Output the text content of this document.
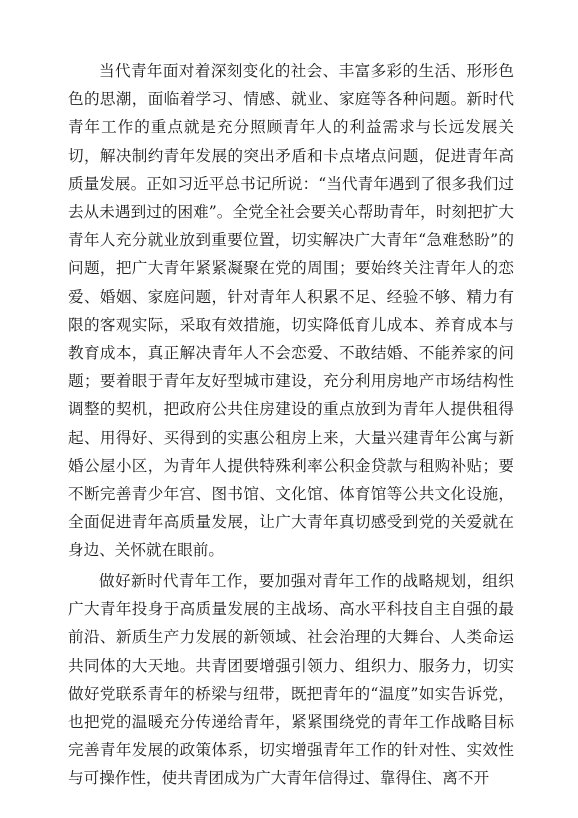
当代青年面对着深刻变化的社会、丰富多彩的生活、形形色色的思潮，面临着学习、情感、就业、家庭等各种问题。新时代青年工作的重点就是充分照顾青年人的利益需求与长远发展关切，解决制约青年发展的突出矛盾和卡点堵点问题，促进青年高质量发展。正如习近平总书记所说：“当代青年遇到了很多我们过去从未遇到过的困难”。全党全社会要关心帮助青年，时刻把扩大青年人充分就业放到重要位置，切实解决广大青年“急难愁盼”的问题，把广大青年紧紧凝聚在党的周围；要始终关注青年人的恋爱、婚姻、家庭问题，针对青年人积累不足、经验不够、精力有限的客观实际，采取有效措施，切实降低育儿成本、养育成本与教育成本，真正解决青年人不会恋爱、不敢结婚、不能养家的问题；要着眼于青年友好型城市建设，充分利用房地产市场结构性调整的契机，把政府公共住房建设的重点放到为青年人提供租得起、用得好、买得到的实惠公租房上来，大量兴建青年公寓与新婚公屋小区，为青年人提供特殊利率公积金贷款与租购补贴；要不断完善青少年宫、图书馆、文化馆、体育馆等公共文化设施，全面促进青年高质量发展，让广大青年真切感受到党的关爱就在身边、关怀就在眼前。

做好新时代青年工作，要加强对青年工作的战略规划，组织广大青年投身于高质量发展的主战场、高水平科技自主自强的最前沿、新质生产力发展的新领域、社会治理的大舞台、人类命运共同体的大天地。共青团要增强引领力、组织力、服务力，切实做好党联系青年的桥梁与纽带，既把青年的“温度”如实告诉党，也把党的温暖充分传递给青年，紧紧围绕党的青年工作战略目标完善青年发展的政策体系，切实增强青年工作的针对性、实效性与可操作性，使共青团成为广大青年信得过、靠得住、离不开
